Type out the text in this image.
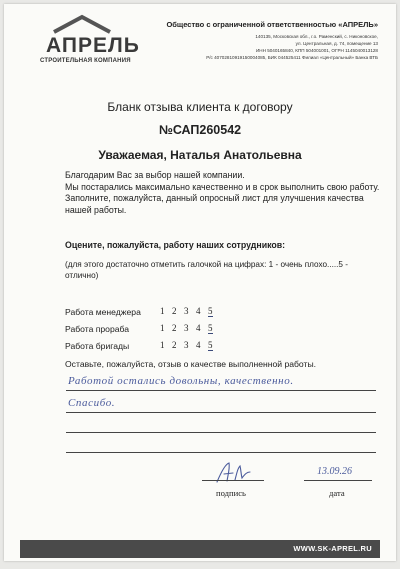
АПРЕЛЬ
СТРОИТЕЛЬНАЯ КОМПАНИЯ
Общество с ограниченной ответственностью «АПРЕЛЬ»
140135, Московская обл., г.о. Раменский, с. Никоновское,
ул. Центральная, д. 74, помещение 13
ИНН 5040165840, КПП 504001001, ОГРН 1145040013128
Р/с 40702810919150004085, БИК 044525411 Филиал «Центральный» Банка ВТБ
Бланк отзыва клиента к договору
№САП260542
Уважаемая, Наталья Анатольевна

Благодарим Вас за выбор нашей компании.

Мы постарались максимально качественно и в срок выполнить свою работу.

Заполните, пожалуйста, данный опросный лист для улучшения качества нашей работы.

Оцените, пожалуйста, работу наших сотрудников:
(для этого достаточно отметить галочкой на цифрах: 1 - очень плохо.....5 - отлично)
Работа менеджера 1 2 3 4 5
Работа прораба	1 2 3 4 5
Работа бригады	1 2 3 4 5
Оставьте, пожалуйста, отзыв о качестве выполненной работы.
Работой остались довольны, качественно.
Спасибо.
13.09.26
подпись	дата
WWW.SK-APREL.RU
